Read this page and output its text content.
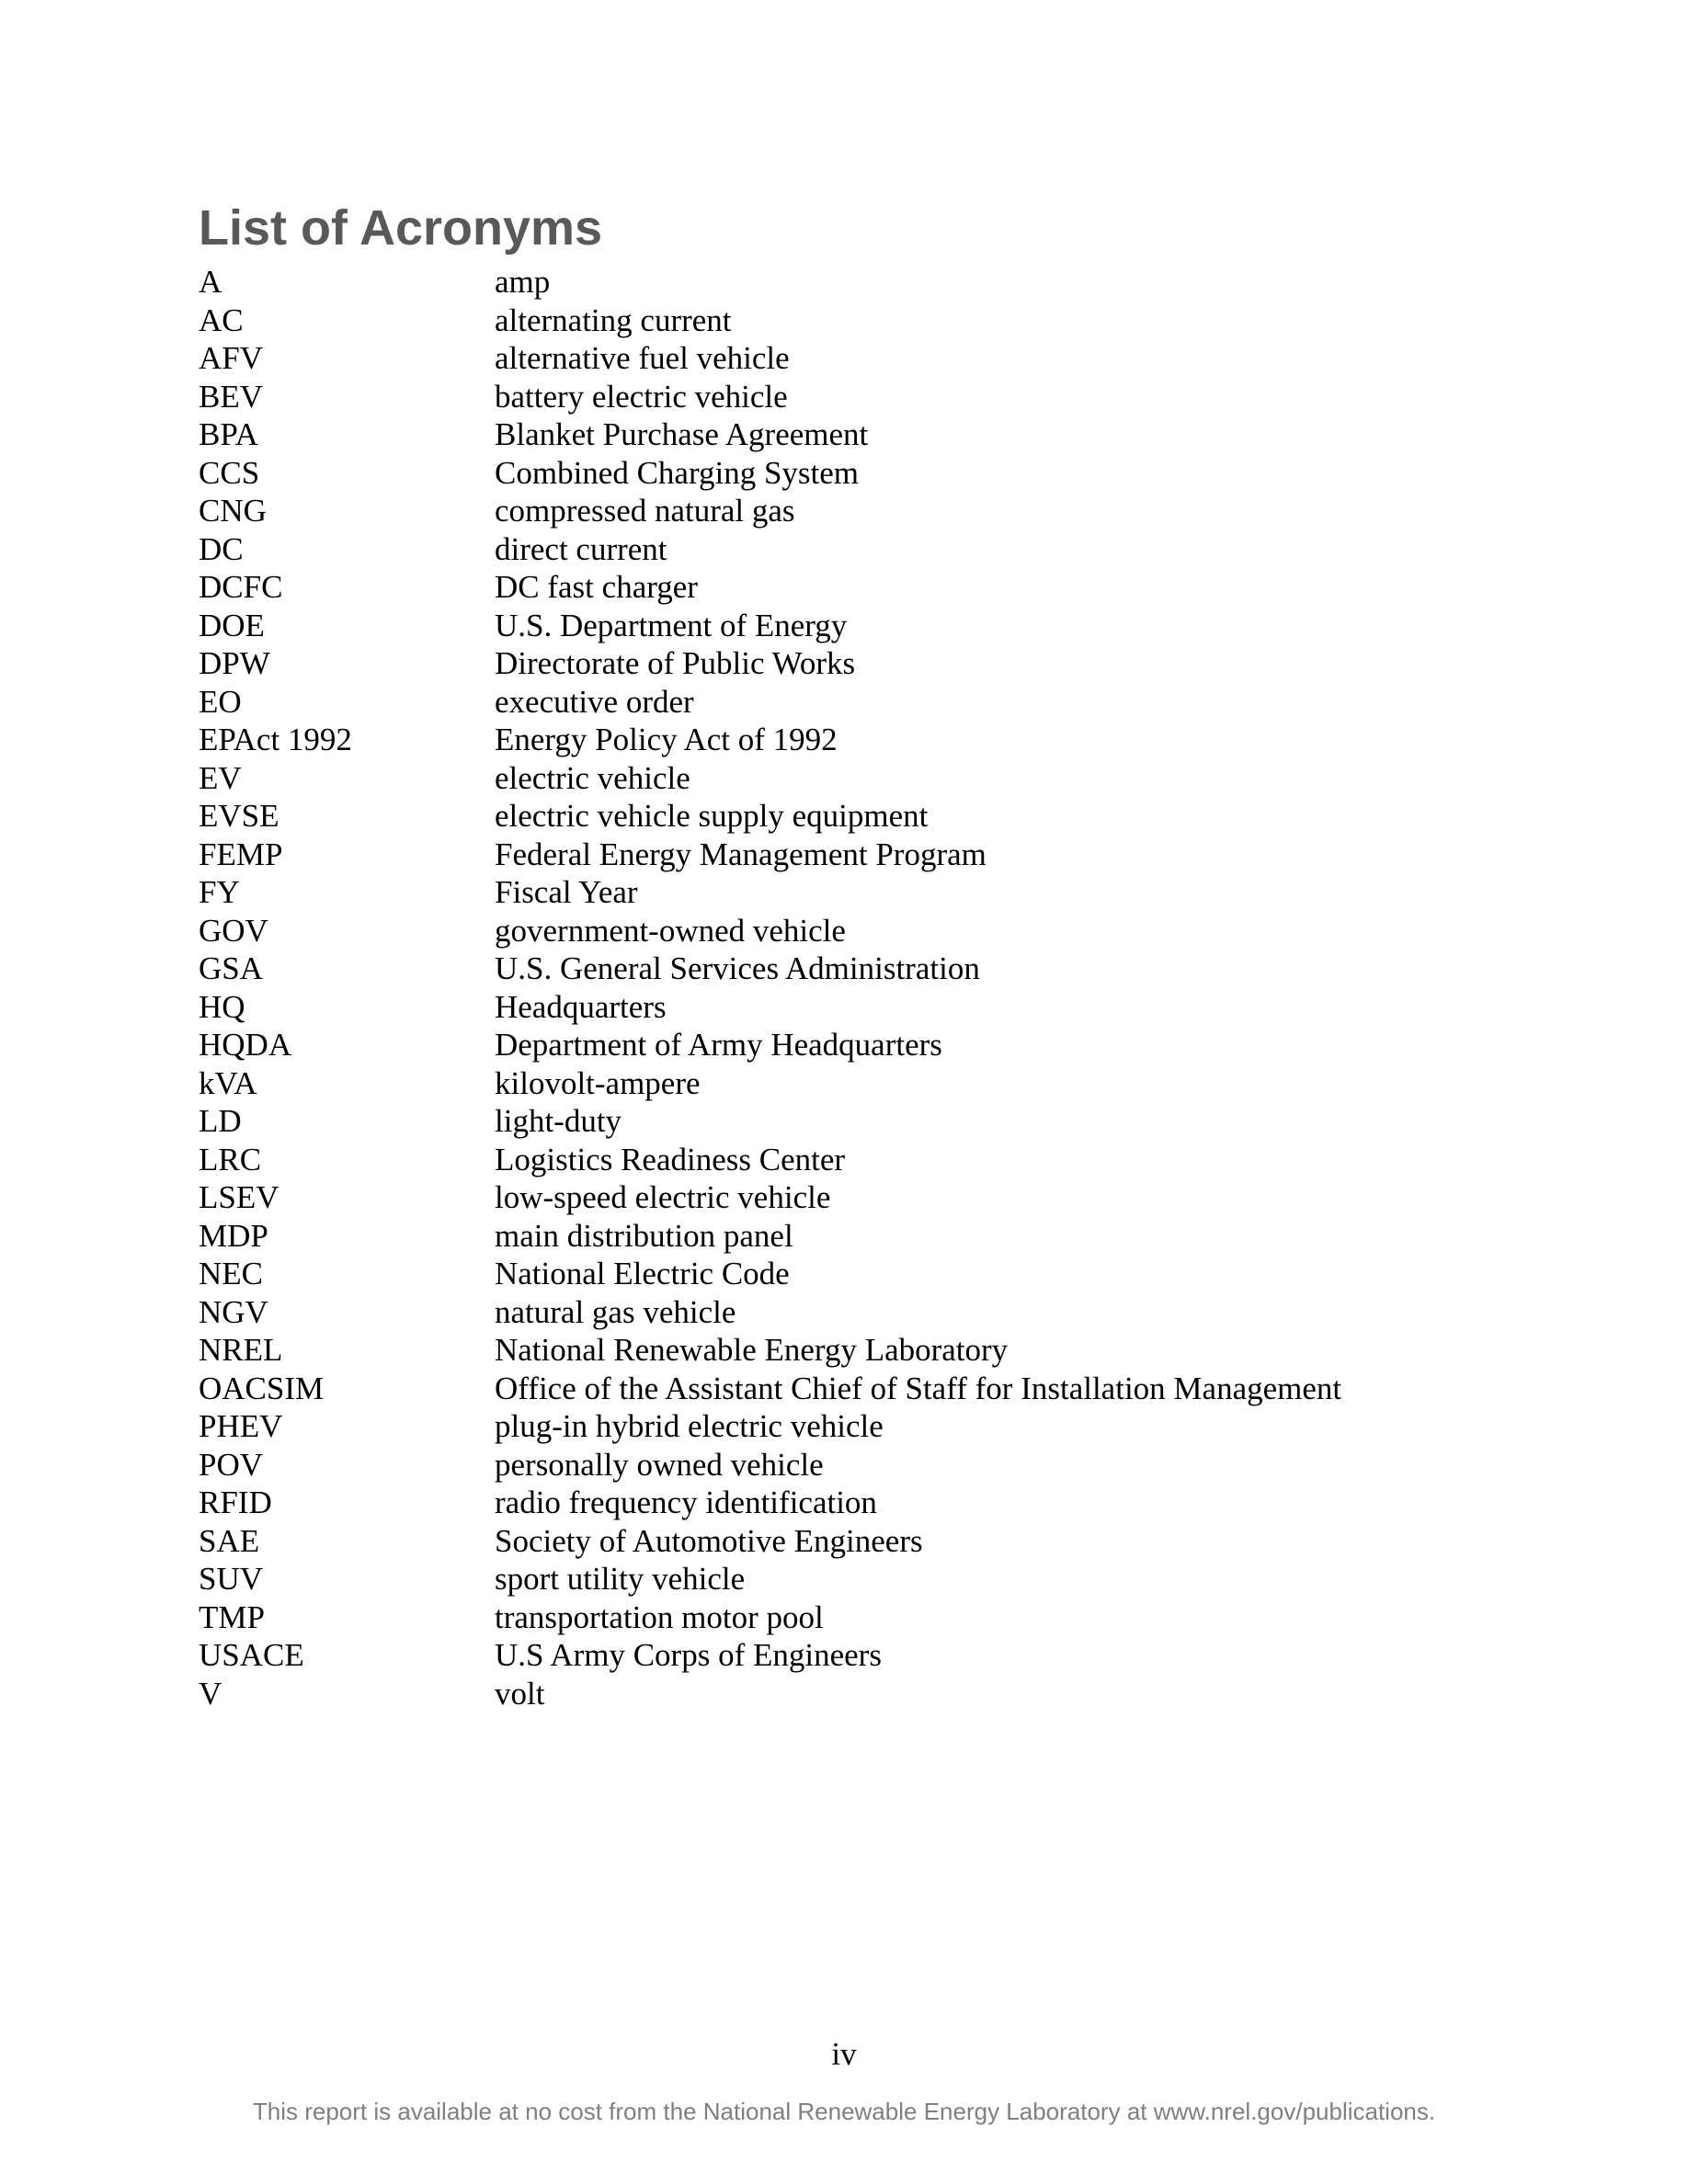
List of Acronyms
A	amp
AC	alternating current
AFV	alternative fuel vehicle
BEV	battery electric vehicle
BPA	Blanket Purchase Agreement
CCS	Combined Charging System
CNG	compressed natural gas
DC	direct current
DCFC	DC fast charger
DOE	U.S. Department of Energy
DPW	Directorate of Public Works
EO	executive order
EPAct 1992	Energy Policy Act of 1992
EV	electric vehicle
EVSE	electric vehicle supply equipment
FEMP	Federal Energy Management Program
FY	Fiscal Year
GOV	government-owned vehicle
GSA	U.S. General Services Administration
HQ	Headquarters
HQDA	Department of Army Headquarters
kVA	kilovolt-ampere
LD	light-duty
LRC	Logistics Readiness Center
LSEV	low-speed electric vehicle
MDP	main distribution panel
NEC	National Electric Code
NGV	natural gas vehicle
NREL	National Renewable Energy Laboratory
OACSIM	Office of the Assistant Chief of Staff for Installation Management
PHEV	plug-in hybrid electric vehicle
POV	personally owned vehicle
RFID	radio frequency identification
SAE	Society of Automotive Engineers
SUV	sport utility vehicle
TMP	transportation motor pool
USACE	U.S Army Corps of Engineers
V	volt
iv
This report is available at no cost from the National Renewable Energy Laboratory at www.nrel.gov/publications.
